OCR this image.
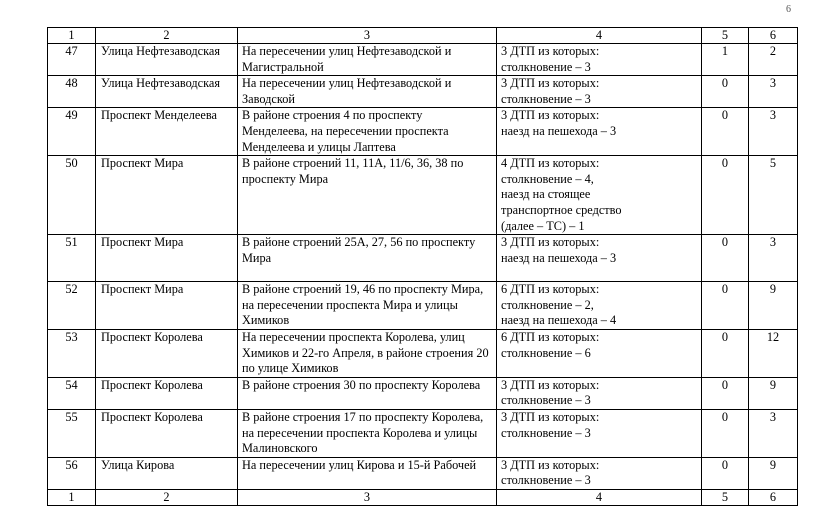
6
1	2	3	4	5	6
47	Улица Нефтезаводская	На пересечении улиц Нефтезаводской и Магистральной	3 ДТП из которых:
столкновение – 3	1	2
48	Улица Нефтезаводская	На пересечении улиц Нефтезаводской и Заводской	3 ДТП из которых:
столкновение – 3	0	3
49	Проспект Менделеева	В районе строения 4 по проспекту Менделеева, на пересечении проспекта Менделеева и улицы Лаптева	3 ДТП из которых:
наезд на пешехода – 3	0	3
50	Проспект Мира	В районе строений 11, 11А, 11/6, 36, 38 по проспекту Мира	4 ДТП из которых:
столкновение – 4,
наезд на стоящее
транспортное средство
(далее – ТС) – 1	0	5
51	Проспект Мира	В районе строений 25А, 27, 56 по проспекту Мира	3 ДТП из которых:
наезд на пешехода – 3	0	3
52	Проспект Мира	В районе строений 19, 46 по проспекту Мира, на пересечении проспекта Мира и улицы Химиков	6 ДТП из которых:
столкновение – 2,
наезд на пешехода – 4	0	9
53	Проспект Королева	На пересечении проспекта Королева, улиц Химиков и 22-го Апреля, в районе строения 20 по улице Химиков	6 ДТП из которых:
столкновение – 6	0	12
54	Проспект Королева	В районе строения 30 по проспекту Королева	3 ДТП из которых:
столкновение – 3	0	9
55	Проспект Королева	В районе строения 17 по проспекту Королева, на пересечении проспекта Королева и улицы Малиновского	3 ДТП из которых:
столкновение – 3	0	3
56	Улица Кирова	На пересечении улиц Кирова и 15-й Рабочей	3 ДТП из которых:
столкновение – 3	0	9
1	2	3	4	5	6
